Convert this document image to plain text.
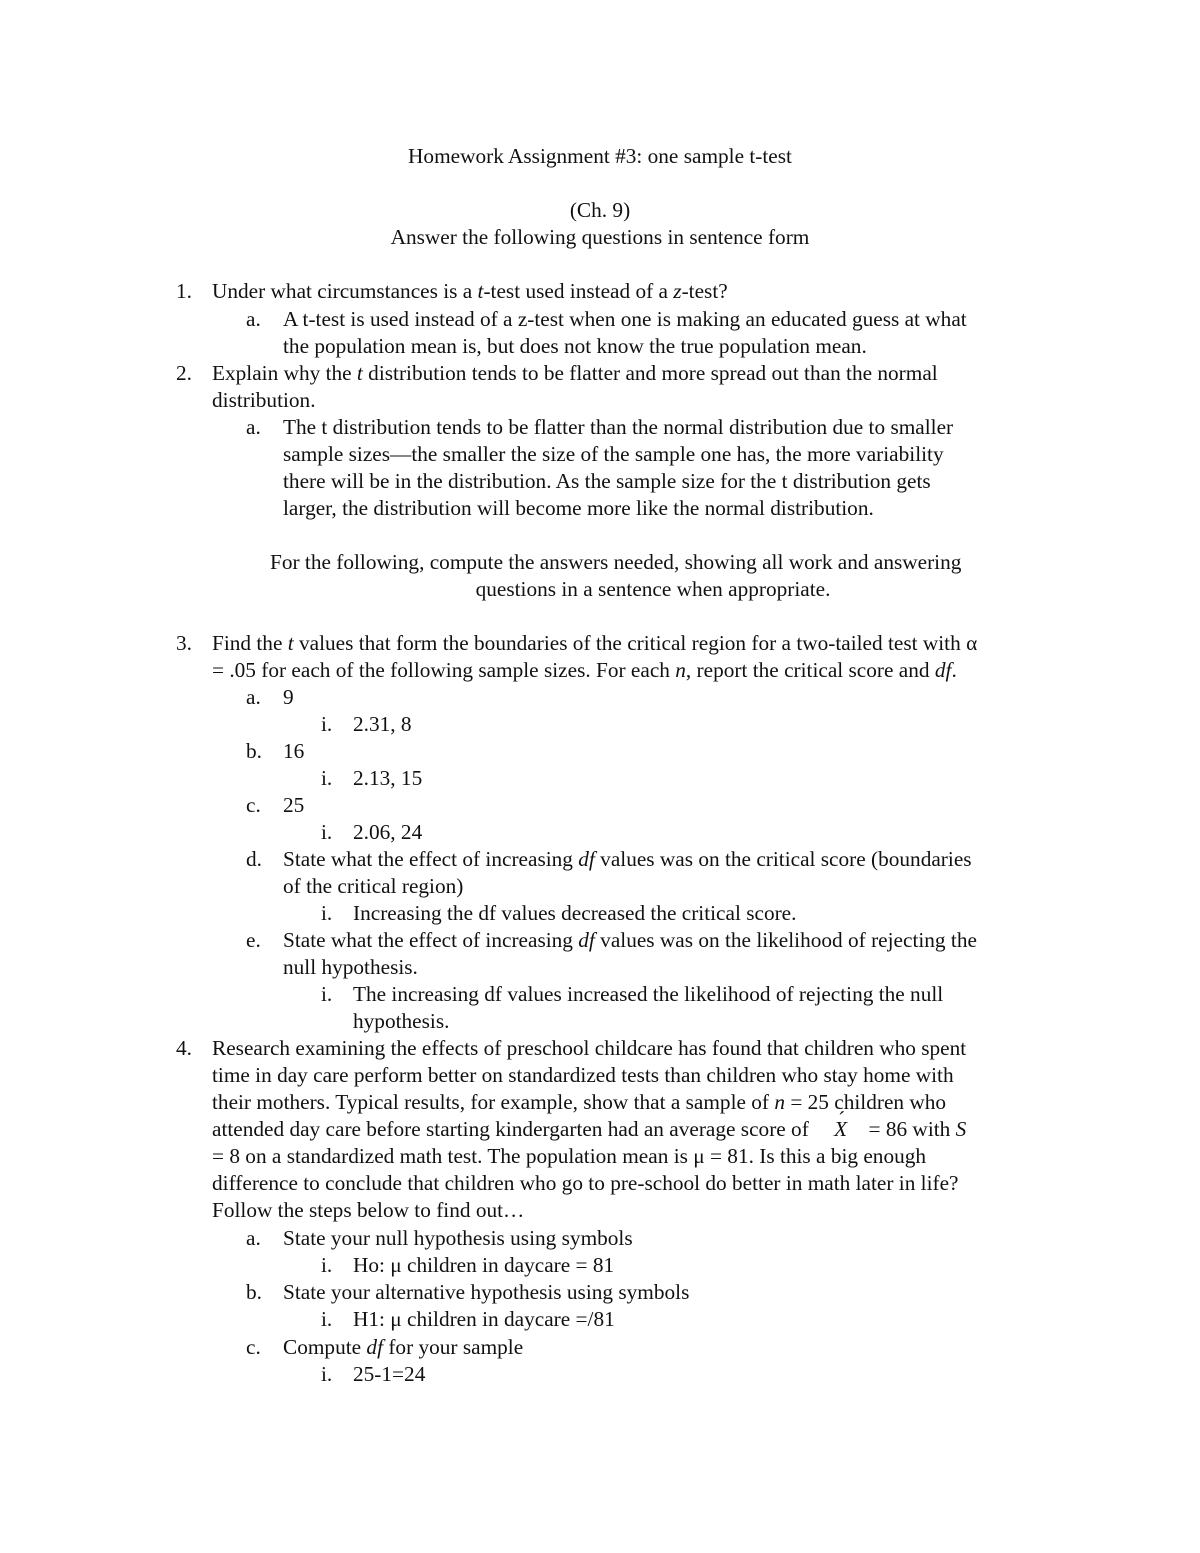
Homework Assignment #3: one sample t-test
(Ch. 9)
Answer the following questions in sentence form
1. Under what circumstances is a t-test used instead of a z-test?
a. A t-test is used instead of a z-test when one is making an educated guess at what
the population mean is, but does not know the true population mean.
2. Explain why the t distribution tends to be flatter and more spread out than the normal
distribution.
a. The t distribution tends to be flatter than the normal distribution due to smaller
sample sizes—the smaller the size of the sample one has, the more variability
there will be in the distribution. As the sample size for the t distribution gets
larger, the distribution will become more like the normal distribution.
For the following, compute the answers needed, showing all work and answering
questions in a sentence when appropriate.
3. Find the t values that form the boundaries of the critical region for a two-tailed test with α
= .05 for each of the following sample sizes. For each n, report the critical score and df.
a. 9
i. 2.31, 8
b. 16
i. 2.13, 15
c. 25
i. 2.06, 24
d. State what the effect of increasing df values was on the critical score (boundaries
of the critical region)
i. Increasing the df values decreased the critical score.
e. State what the effect of increasing df values was on the likelihood of rejecting the
null hypothesis.
i. The increasing df values increased the likelihood of rejecting the null
hypothesis.
4. Research examining the effects of preschool childcare has found that children who spent
time in day care perform better on standardized tests than children who stay home with
their mothers. Typical results, for example, show that a sample of n = 25 children who
attended day care before starting kindergarten had an average score of ´ X = 86 with S
= 8 on a standardized math test. The population mean is μ = 81. Is this a big enough
difference to conclude that children who go to pre-school do better in math later in life?
Follow the steps below to find out…
a. State your null hypothesis using symbols
i. Ho: μ children in daycare = 81
b. State your alternative hypothesis using symbols
i. H1: μ children in daycare =/81
c. Compute df for your sample
i. 25-1=24
